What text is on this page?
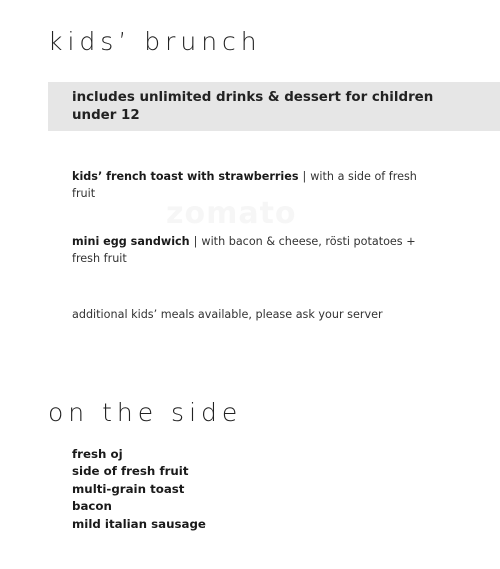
kids’ brunch
includes unlimited drinks & dessert for children under 12
kids’ french toast with strawberries | with a side of fresh fruit
zomato
mini egg sandwich | with bacon & cheese, rösti potatoes + fresh fruit
additional kids’ meals available, please ask your server
on the side
fresh oj
side of fresh fruit
multi-grain toast
bacon
mild italian sausage
